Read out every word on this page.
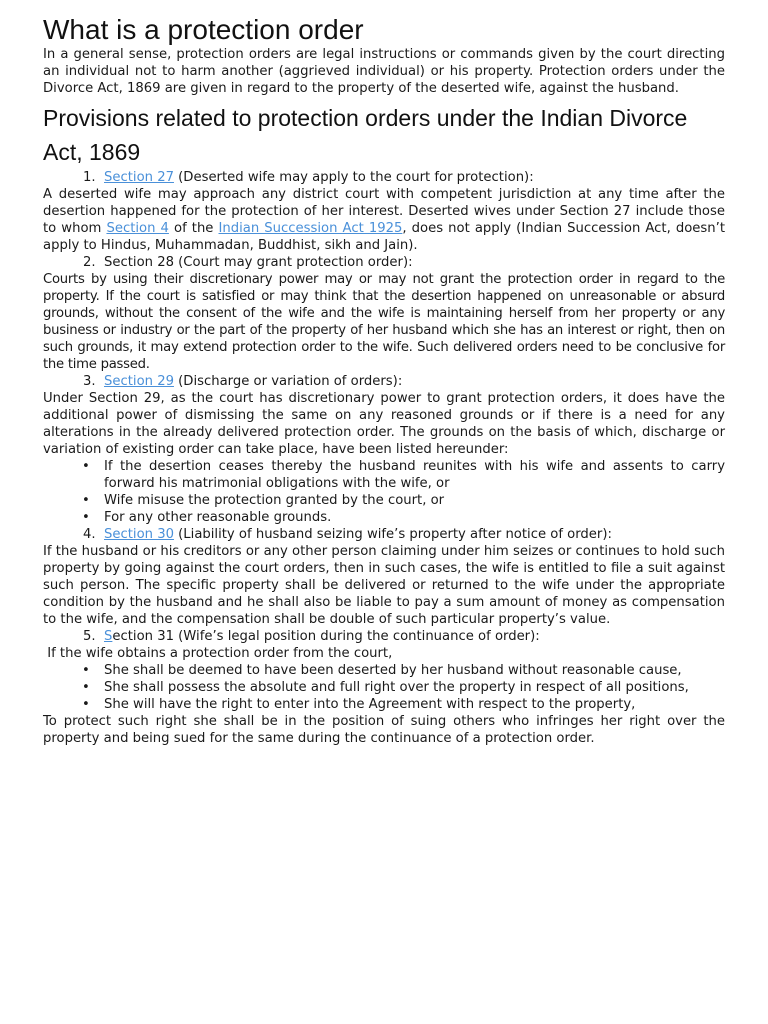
What is a protection order

In a general sense, protection orders are legal instructions or commands given by the court directing an individual not to harm another (aggrieved individual) or his property. Protection orders under the Divorce Act, 1869 are given in regard to the property of the deserted wife, against the husband.

Provisions related to protection orders under the Indian Divorce Act, 1869
1. Section 27 (Deserted wife may apply to the court for protection):

A deserted wife may approach any district court with competent jurisdiction at any time after the desertion happened for the protection of her interest. Deserted wives under Section 27 include those to whom Section 4 of the Indian Succession Act 1925, does not apply (Indian Succession Act, doesn’t apply to Hindus, Muhammadan, Buddhist, sikh and Jain).

2. Section 28 (Court may grant protection order):

Courts by using their discretionary power may or may not grant the protection order in regard to the property. If the court is satisfied or may think that the desertion happened on unreasonable or absurd grounds, without the consent of the wife and the wife is maintaining herself from her property or any business or industry or the part of the property of her husband which she has an interest or right, then on such grounds, it may extend protection order to the wife. Such delivered orders need to be conclusive for the time passed.

3. Section 29 (Discharge or variation of orders):

Under Section 29, as the court has discretionary power to grant protection orders, it does have the additional power of dismissing the same on any reasoned grounds or if there is a need for any alterations in the already delivered protection order. The grounds on the basis of which, discharge or variation of existing order can take place, have been listed hereunder:

• If the desertion ceases thereby the husband reunites with his wife and assents to carry forward his matrimonial obligations with the wife, or
• Wife misuse the protection granted by the court, or
• For any other reasonable grounds.
4. Section 30 (Liability of husband seizing wife’s property after notice of order):

If the husband or his creditors or any other person claiming under him seizes or continues to hold such property by going against the court orders, then in such cases, the wife is entitled to file a suit against such person. The specific property shall be delivered or returned to the wife under the appropriate condition by the husband and he shall also be liable to pay a sum amount of money as compensation to the wife, and the compensation shall be double of such particular property’s value.

5. Section 31 (Wife’s legal position during the continuance of order):

If the wife obtains a protection order from the court,

• She shall be deemed to have been deserted by her husband without reasonable cause,
• She shall possess the absolute and full right over the property in respect of all positions,
• She will have the right to enter into the Agreement with respect to the property,

To protect such right she shall be in the position of suing others who infringes her right over the property and being sued for the same during the continuance of a protection order.
